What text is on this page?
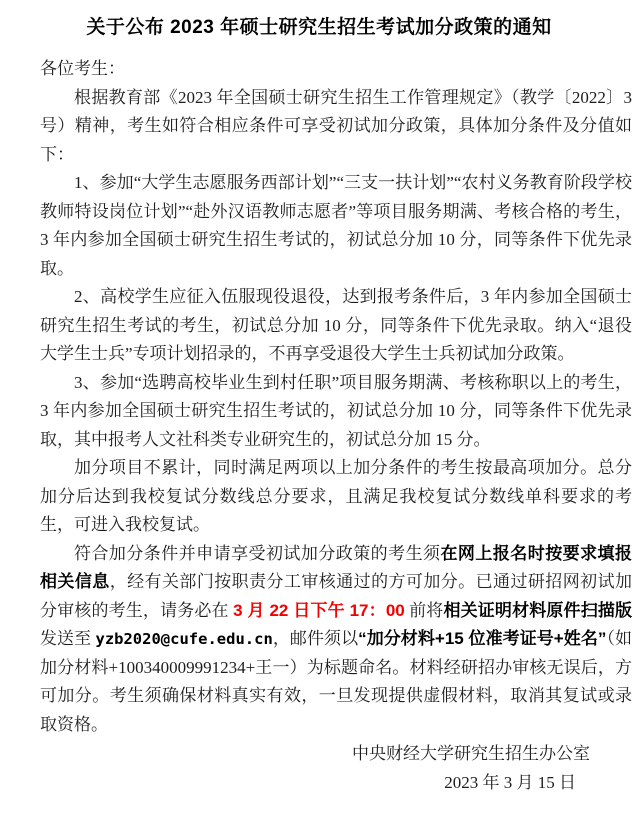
关于公布 2023 年硕士研究生招生考试加分政策的通知

各位考生：

根据教育部《2023 年全国硕士研究生招生工作管理规定》（教学〔2022〕3 号）精神，考生如符合相应条件可享受初试加分政策，具体加分条件及分值如下：

1、参加“大学生志愿服务西部计划”“三支一扶计划”“农村义务教育阶段学校教师特设岗位计划”“赴外汉语教师志愿者”等项目服务期满、考核合格的考生，3 年内参加全国硕士研究生招生考试的，初试总分加 10 分，同等条件下优先录取。

2、高校学生应征入伍服现役退役，达到报考条件后，3 年内参加全国硕士研究生招生考试的考生，初试总分加 10 分，同等条件下优先录取。纳入“退役大学生士兵”专项计划招录的，不再享受退役大学生士兵初试加分政策。

3、参加“选聘高校毕业生到村任职”项目服务期满、考核称职以上的考生，3 年内参加全国硕士研究生招生考试的，初试总分加 10 分，同等条件下优先录取，其中报考人文社科类专业研究生的，初试总分加 15 分。

加分项目不累计，同时满足两项以上加分条件的考生按最高项加分。总分加分后达到我校复试分数线总分要求，且满足我校复试分数线单科要求的考生，可进入我校复试。

符合加分条件并申请享受初试加分政策的考生须在网上报名时按要求填报相关信息，经有关部门按职责分工审核通过的方可加分。已通过研招网初试加分审核的考生，请务必在 3 月 22 日下午 17：00 前将相关证明材料原件扫描版发送至 yzb2020@cufe.edu.cn，邮件须以“加分材料+15 位准考证号+姓名”（如加分材料+100340009991234+王一）为标题命名。材料经研招办审核无误后，方可加分。考生须确保材料真实有效，一旦发现提供虚假材料，取消其复试或录取资格。

中央财经大学研究生招生办公室

2023 年 3 月 15 日
